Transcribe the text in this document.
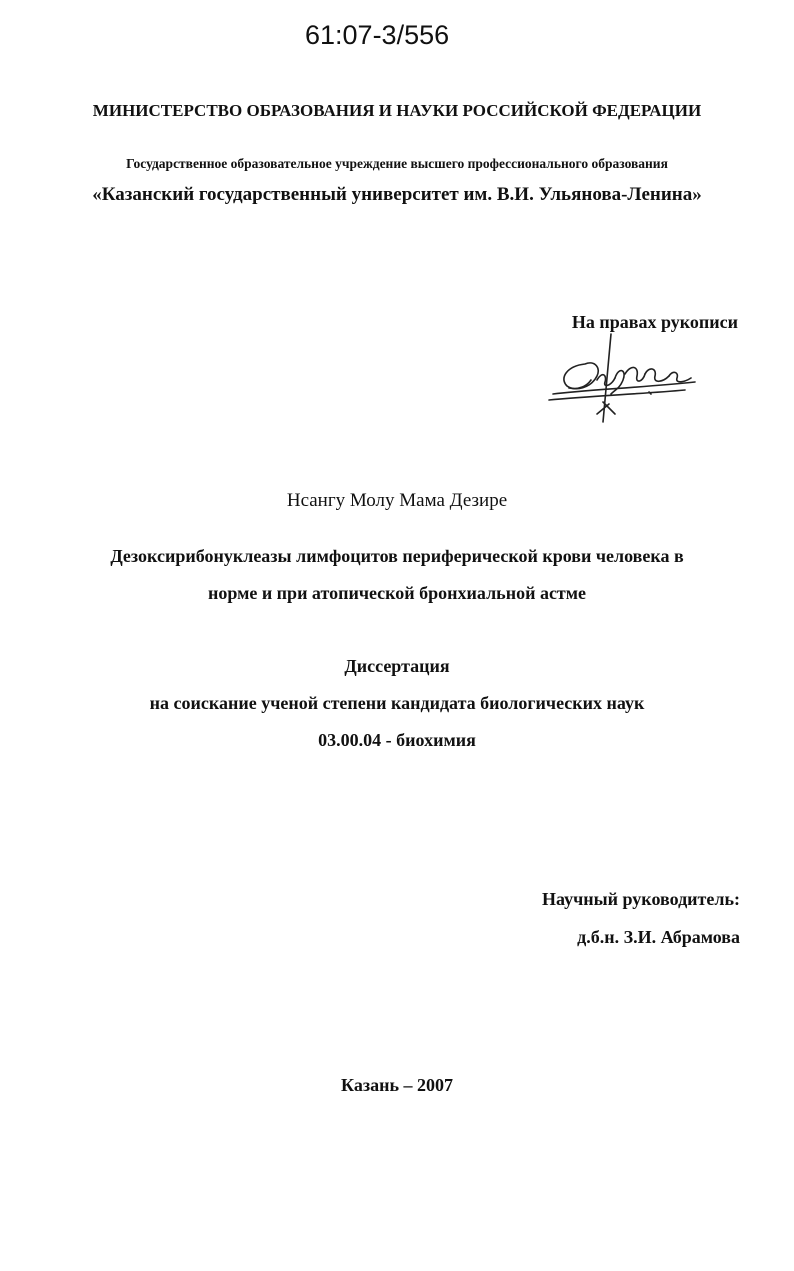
61:07-3/556
МИНИСТЕРСТВО ОБРАЗОВАНИЯ И НАУКИ РОССИЙСКОЙ ФЕДЕРАЦИИ
Государственное образовательное учреждение высшего профессионального образования
«Казанский государственный университет им. В.И. Ульянова-Ленина»
На правах рукописи
Нсангу Молу Мама Дезире
Дезоксирибонуклеазы лимфоцитов периферической крови человека в
норме и при атопической бронхиальной астме
Диссертация
на соискание ученой степени кандидата биологических наук
03.00.04 - биохимия
Научный руководитель:
д.б.н. З.И. Абрамова
Казань – 2007
